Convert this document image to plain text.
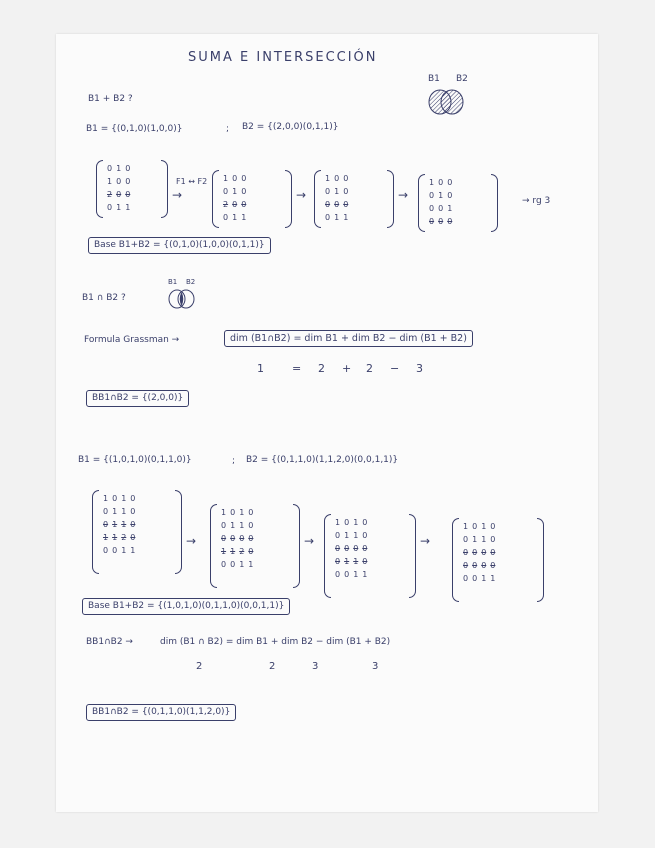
SUMA E INTERSECCIÓN
B1 B2
B1 + B2 ?
B1 = {(0,1,0)(1,0,0)}	; B2 = {(2,0,0)(0,1,1)}
0	1	0
1	0	0
2	0	0
0	1	1
→
1	0	0
0	1	0
2	0	0
0	1	1
→
1	0	0
0	1	0
0	0	0
0	1	1
→
1	0	0
0	1	0
0	0	1
0	0	0
F1 ↔ F2
→ rg 3
Base B1+B2 = {(0,1,0)(1,0,0)(0,1,1)}
B1 ∩ B2 ?
B1 B2
Formula Grassman →	dim (B1∩B2) = dim B1 + dim B2 − dim (B1 + B2)
1	= 2 + 2 − 3
BB1∩B2 = {(2,0,0)}
B1 = {(1,0,1,0)(0,1,1,0)}	; B2 = {(0,1,1,0)(1,1,2,0)(0,0,1,1)}
1	0	1	0
0	1	1	0
0	1	1	0
1	1	2	0
0	0	1	1
→
1	0	1	0
0	1	1	0
0	0	0	0
1	1	2	0
0	0	1	1
→
1	0	1	0
0	1	1	0
0	0	0	0
0	1	1	0
0	0	1	1
→
1	0	1	0
0	1	1	0
0	0	0	0
0	0	0	0
0	0	1	1
Base B1+B2 = {(1,0,1,0)(0,1,1,0)(0,0,1,1)}
BB1∩B2 →	dim (B1 ∩ B2) = dim B1 + dim B2 − dim (B1 + B2)
2	2	3	3
BB1∩B2 = {(0,1,1,0)(1,1,2,0)}
